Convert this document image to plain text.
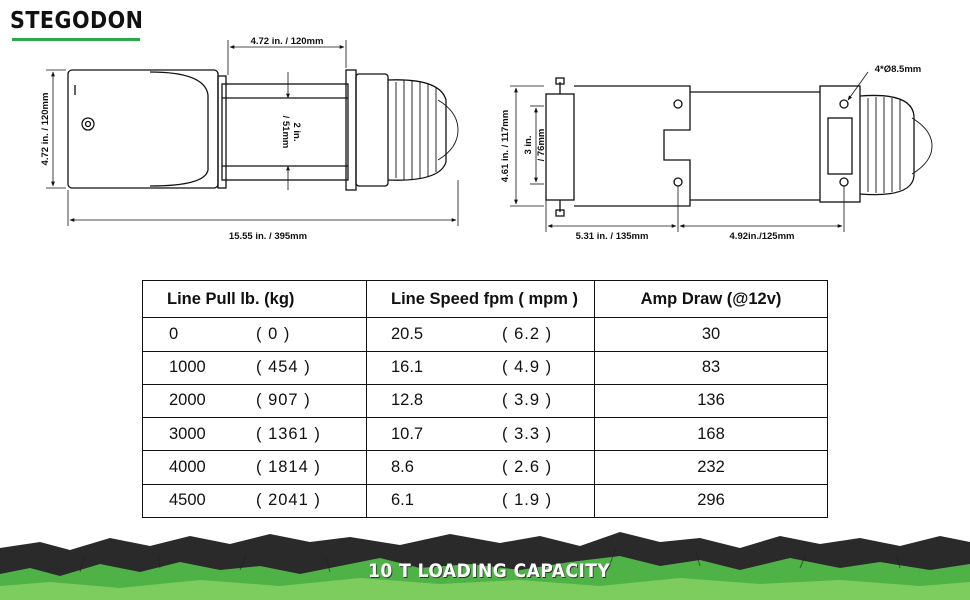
STEGODON
4.72 in. / 120mm
4.72 in. / 120mm	2 in.
/ 51mm
15.55 in. / 395mm
4*Ø8.5mm
4.61 in. / 117mm 3 in. / 76mm
5.31 in. / 135mm	4.92in./125mm
Line Pull lb. (kg)	Line Speed fpm ( mpm )	Amp Draw (@12v)

0 ( 0 )	20.5 ( 6.2 )	30

1000 ( 454 )	16.1 ( 4.9 )	83

2000 ( 907 )	12.8 ( 3.9 )	136

3000 ( 1361 )	10.7 ( 3.3 )	168

4000 ( 1814 )	8.6 ( 2.6 )	232

4500 ( 2041 )	6.1 ( 1.9 )	296
10 T LOADING CAPACITY
